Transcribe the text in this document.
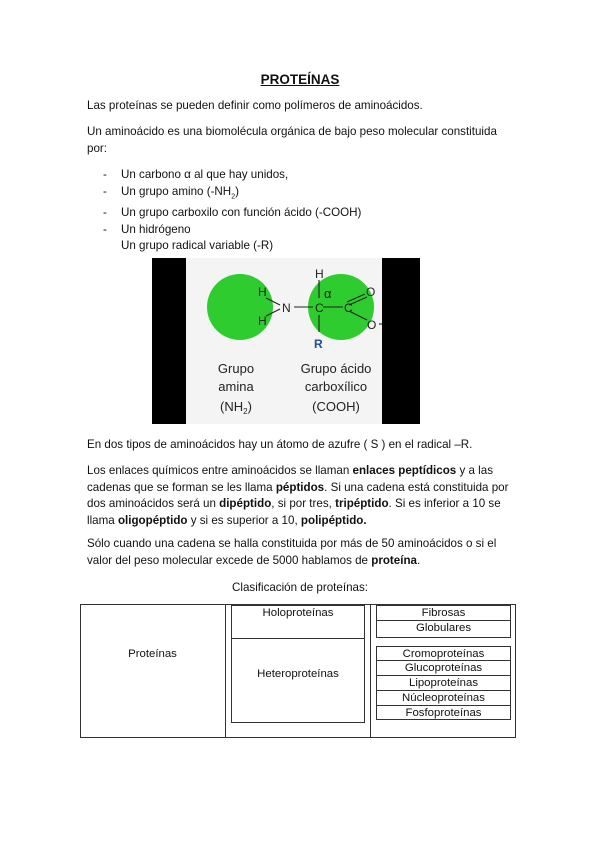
PROTEÍNAS
Las proteínas se pueden definir como polímeros de aminoácidos.
Un aminoácido es una biomolécula orgánica de bajo peso molecular constituida por:
- Un carbono α al que hay unidos,
- Un grupo amino $(-NH_2)$
- Un grupo carboxilo con función ácido (-COOH)
- Un hidrógeno
Un grupo radical variable (-R)
H
H
N C
H
α
C
O
O
R
Grupo
amina
$(NH_2)$
Grupo ácido
carboxílico
(COOH)
En dos tipos de aminoácidos hay un átomo de azufre ( S ) en el radical –R.
Los enlaces químicos entre aminoácidos se llaman enlaces peptídicos y a las cadenas que se forman se les llama péptidos. Si una cadena está constituida por dos aminoácidos será un dipéptido, si por tres, tripéptido. Si es inferior a 10 se llama oligopéptido y si es superior a 10, polipéptido.
Sólo cuando una cadena se halla constituida por más de 50 aminoácidos o si el valor del peso molecular excede de 5000 hablamos de proteína.
Clasificación de proteínas:
Proteínas
Holoproteínas
Heteroproteínas
Fibrosas
Globulares
Cromoproteínas
Glucoproteínas
Lipoproteínas
Núcleoproteínas
Fosfoproteínas
